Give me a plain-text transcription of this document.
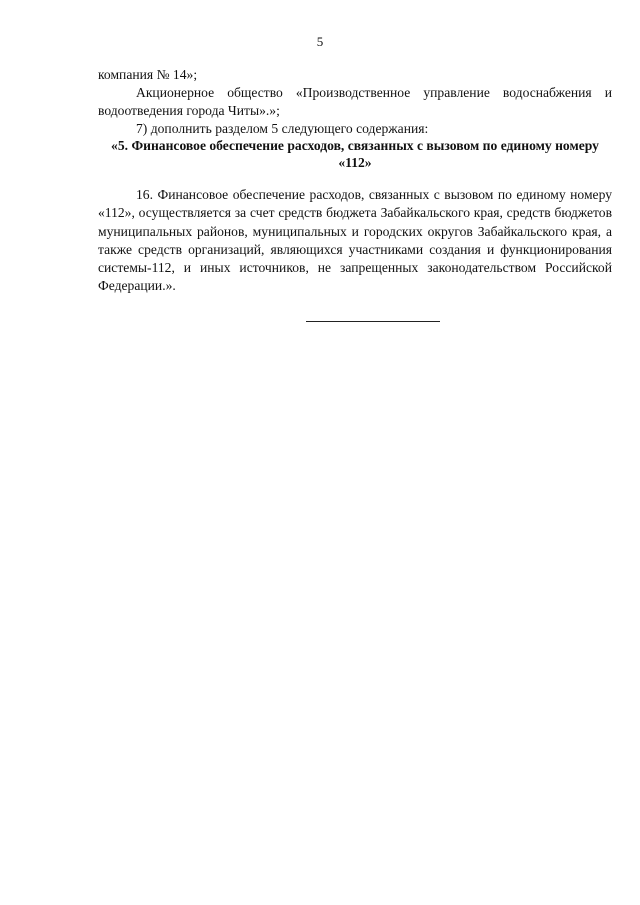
5

компания № 14»;

Акционерное общество «Производственное управление водоснабжения и водоотведения города Читы».»;

7) дополнить разделом 5 следующего содержания:

«5. Финансовое обеспечение расходов, связанных с вызовом по единому номеру «112»
16. Финансовое обеспечение расходов, связанных с вызовом по единому номеру «112», осуществляется за счет средств бюджета Забайкальского края, средств бюджетов муниципальных районов, муниципальных и городских округов Забайкальского края, а также средств организаций, являющихся участниками создания и функционирования системы-112, и иных источников, не запрещенных законодательством Российской Федерации.».
